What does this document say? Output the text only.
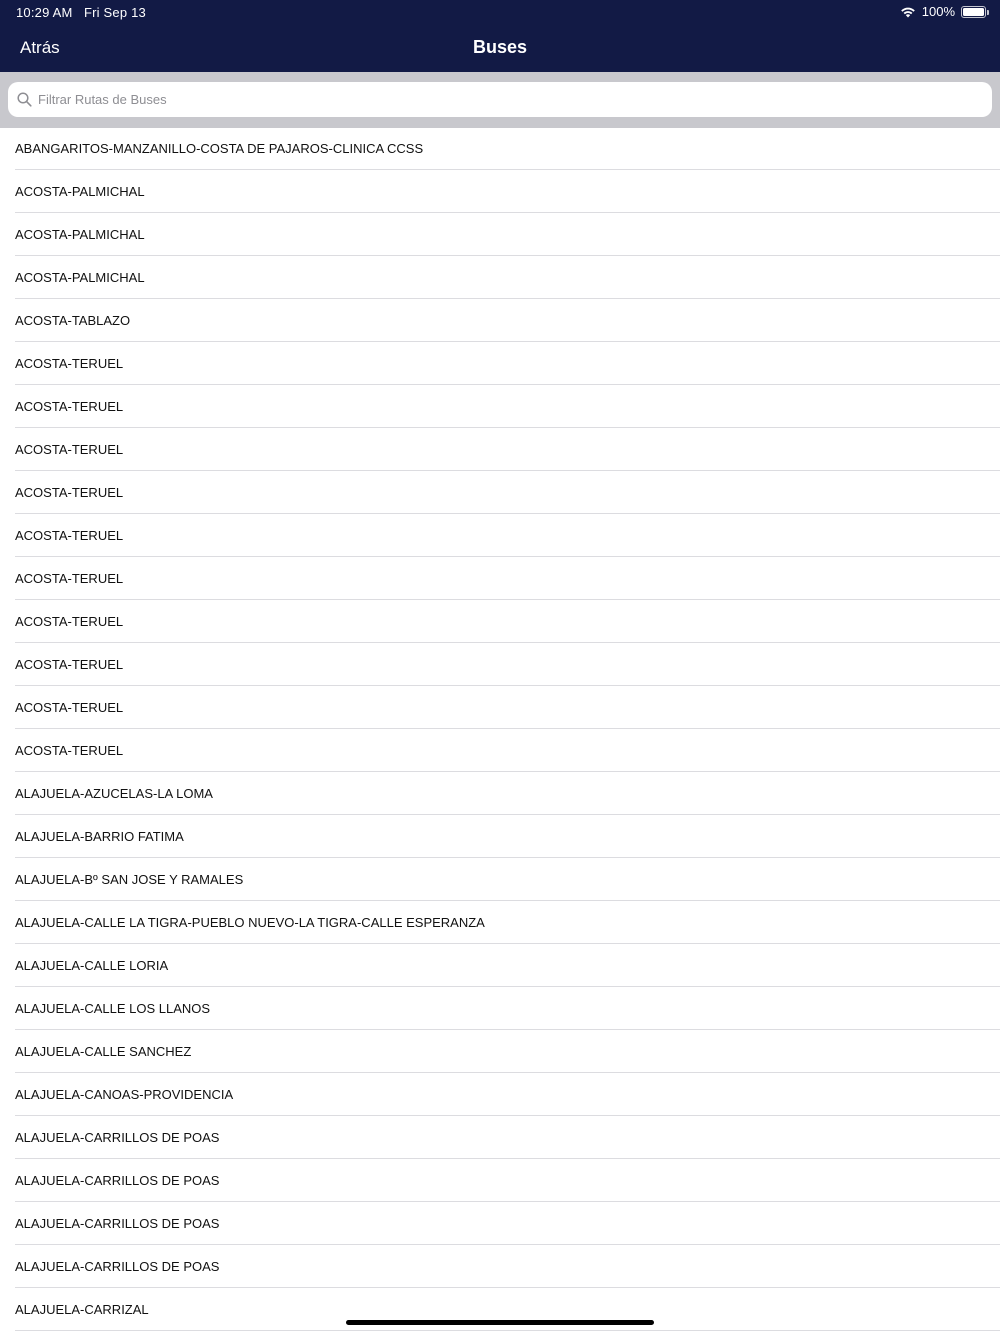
10:29 AM Fri Sep 13	100%
Atrás	Buses
Filtrar Rutas de Buses
ABANGARITOS-MANZANILLO-COSTA DE PAJAROS-CLINICA CCSS
ACOSTA-PALMICHAL
ACOSTA-PALMICHAL
ACOSTA-PALMICHAL
ACOSTA-TABLAZO
ACOSTA-TERUEL
ACOSTA-TERUEL
ACOSTA-TERUEL
ACOSTA-TERUEL
ACOSTA-TERUEL
ACOSTA-TERUEL
ACOSTA-TERUEL
ACOSTA-TERUEL
ACOSTA-TERUEL
ACOSTA-TERUEL
ALAJUELA-AZUCELAS-LA LOMA
ALAJUELA-BARRIO FATIMA
ALAJUELA-Bº SAN JOSE Y RAMALES
ALAJUELA-CALLE LA TIGRA-PUEBLO NUEVO-LA TIGRA-CALLE ESPERANZA
ALAJUELA-CALLE LORIA
ALAJUELA-CALLE LOS LLANOS
ALAJUELA-CALLE SANCHEZ
ALAJUELA-CANOAS-PROVIDENCIA
ALAJUELA-CARRILLOS DE POAS
ALAJUELA-CARRILLOS DE POAS
ALAJUELA-CARRILLOS DE POAS
ALAJUELA-CARRILLOS DE POAS
ALAJUELA-CARRIZAL
